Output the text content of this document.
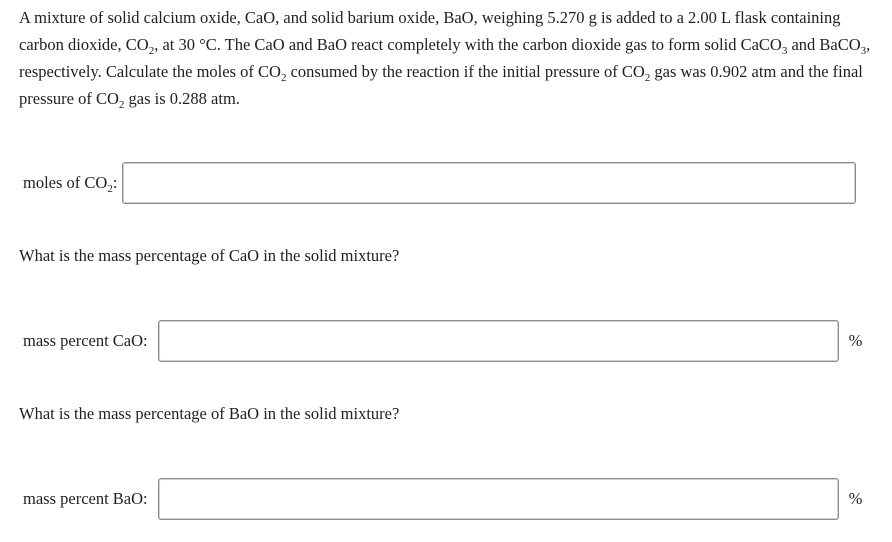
A mixture of solid calcium oxide, CaO, and solid barium oxide, BaO, weighing 5.270 g is added to a 2.00 L flask containing carbon dioxide, $CO_2$, at 30 °C. The CaO and BaO react completely with the carbon dioxide gas to form solid CaCO$_3$ and BaCO$_3$, respectively. Calculate the moles of $CO_2$ consumed by the reaction if the initial pressure of $CO_2$ gas was 0.902 atm and the final pressure of $CO_2$ gas is 0.288 atm.

moles of $CO_2$:

What is the mass percentage of CaO in the solid mixture?

mass percent CaO:	%

What is the mass percentage of BaO in the solid mixture?

mass percent BaO:	%
